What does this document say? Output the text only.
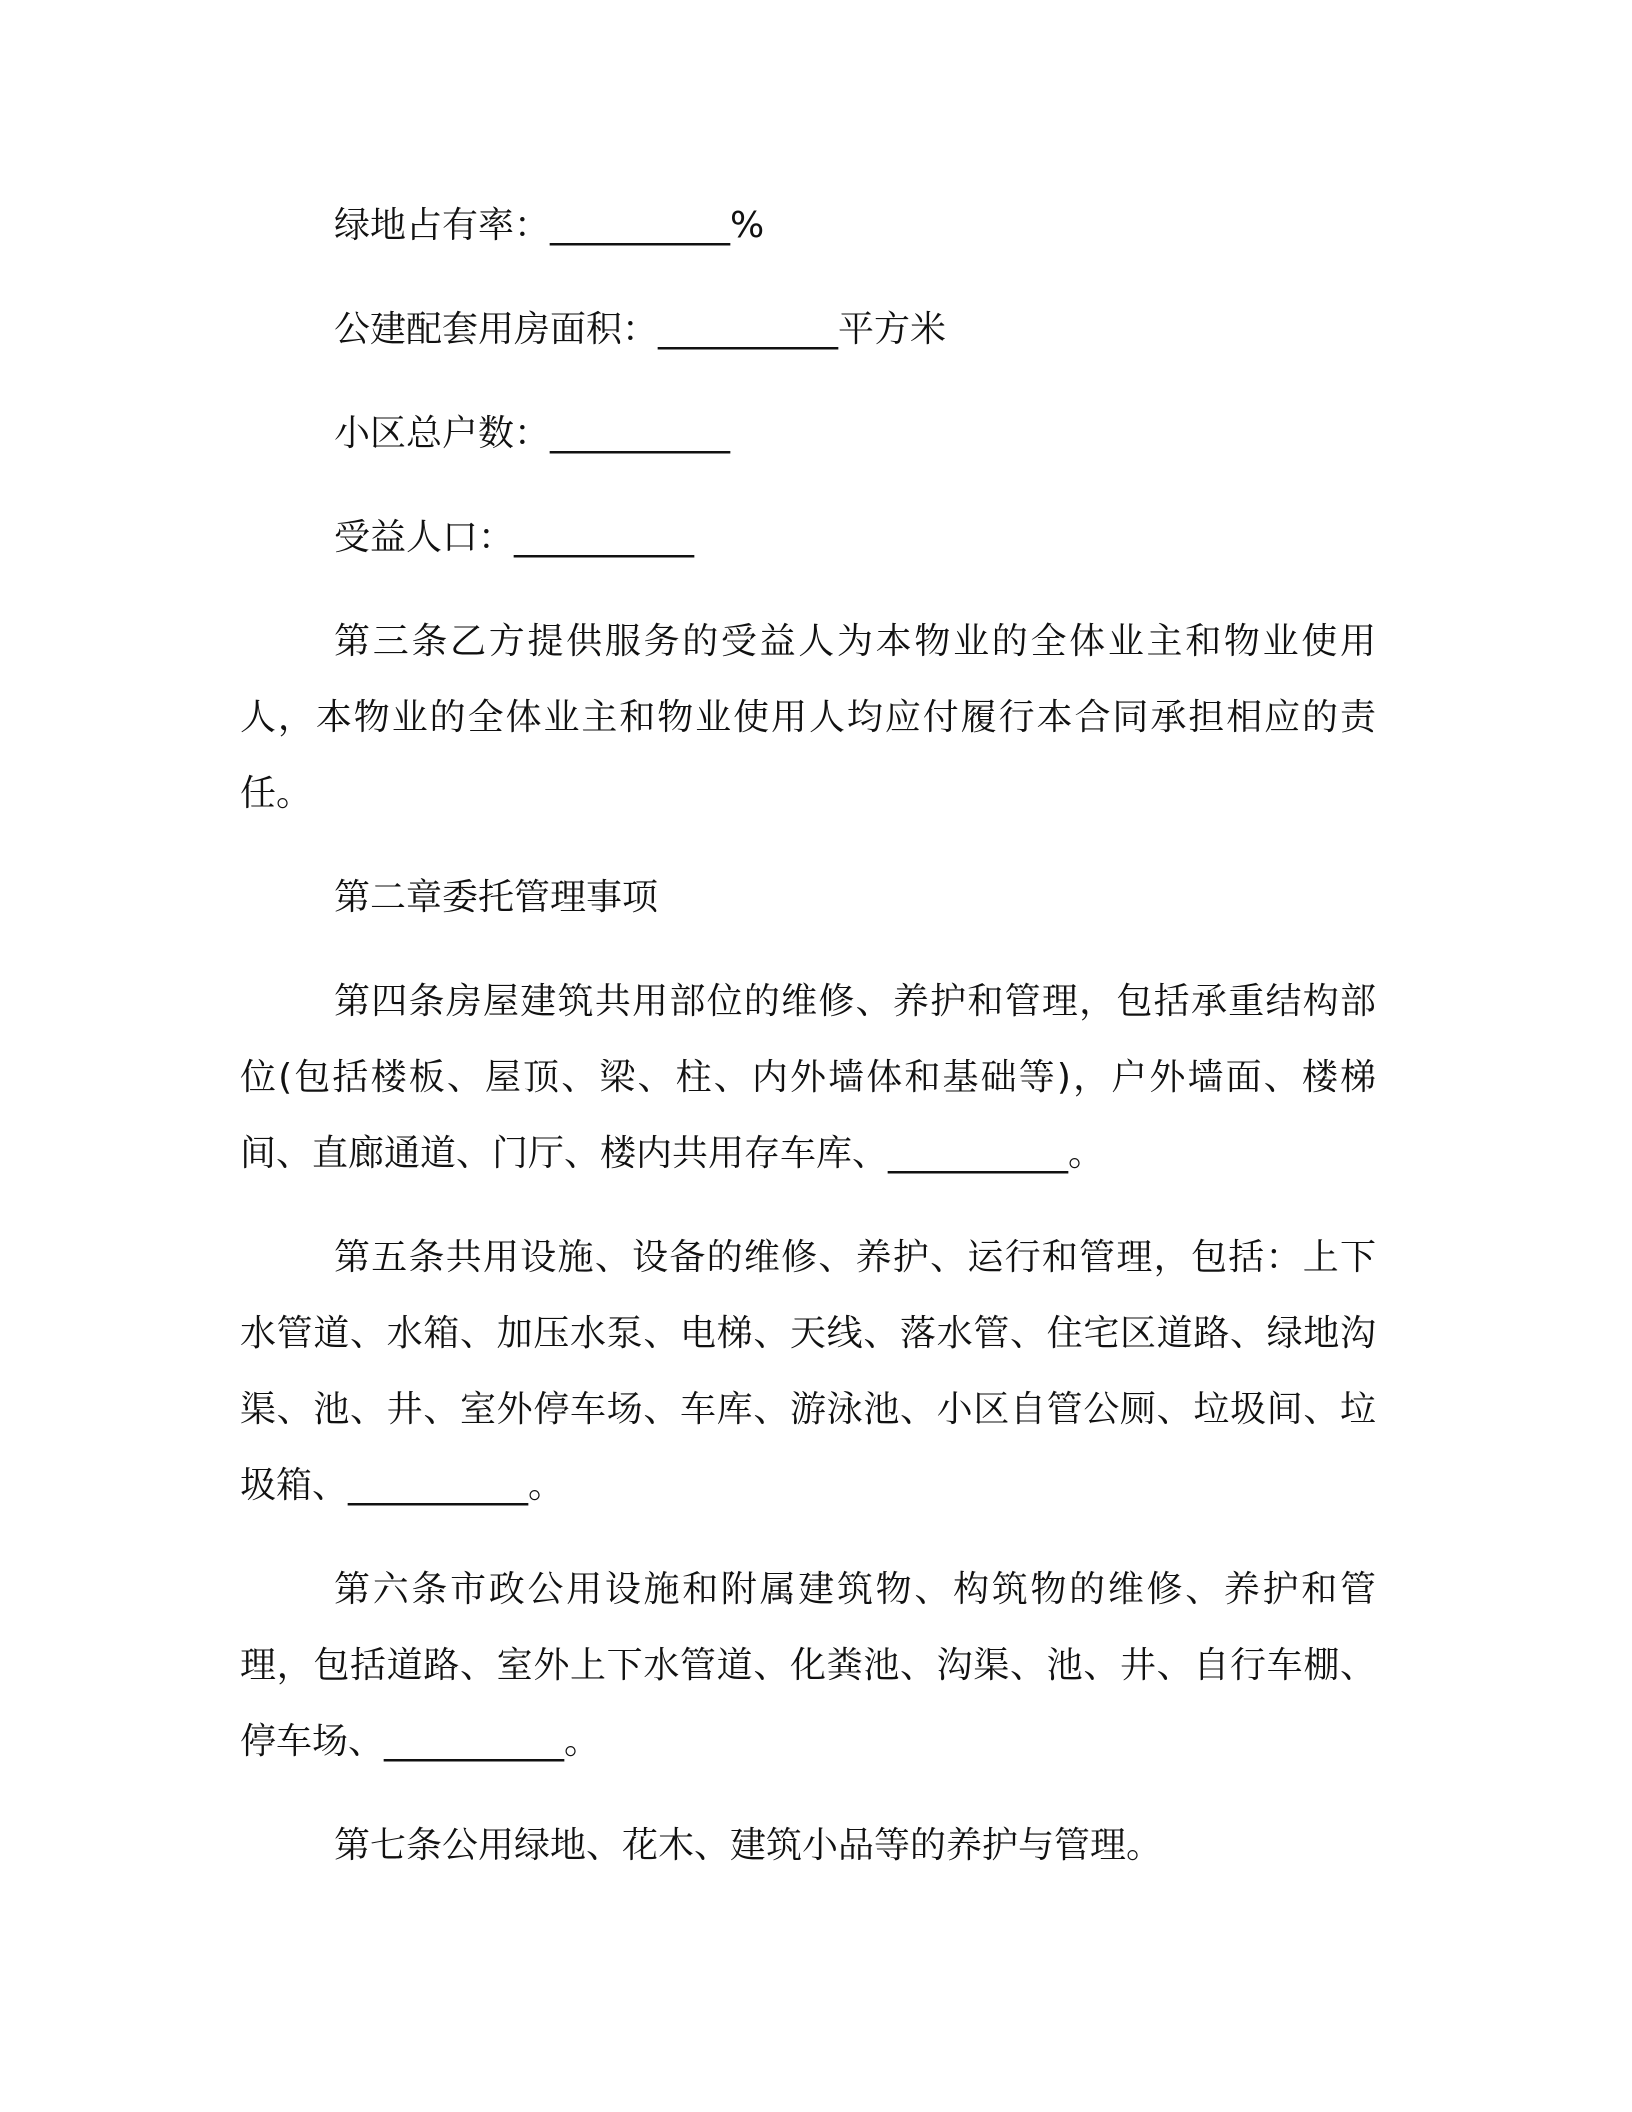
绿地占有率：__________%

公建配套用房面积：__________平方米

小区总户数：__________

受益人口：__________

第三条乙方提供服务的受益人为本物业的全体业主和物业使用人，本物业的全体业主和物业使用人均应付履行本合同承担相应的责任。

第二章委托管理事项

第四条房屋建筑共用部位的维修、养护和管理，包括承重结构部位(包括楼板、屋顶、梁、柱、内外墙体和基础等)，户外墙面、楼梯间、直廊通道、门厅、楼内共用存车库、__________。

第五条共用设施、设备的维修、养护、运行和管理，包括：上下水管道、水箱、加压水泵、电梯、天线、落水管、住宅区道路、绿地沟渠、池、井、室外停车场、车库、游泳池、小区自管公厕、垃圾间、垃圾箱、__________。

第六条市政公用设施和附属建筑物、构筑物的维修、养护和管理，包括道路、室外上下水管道、化粪池、沟渠、池、井、自行车棚、停车场、__________。

第七条公用绿地、花木、建筑小品等的养护与管理。
